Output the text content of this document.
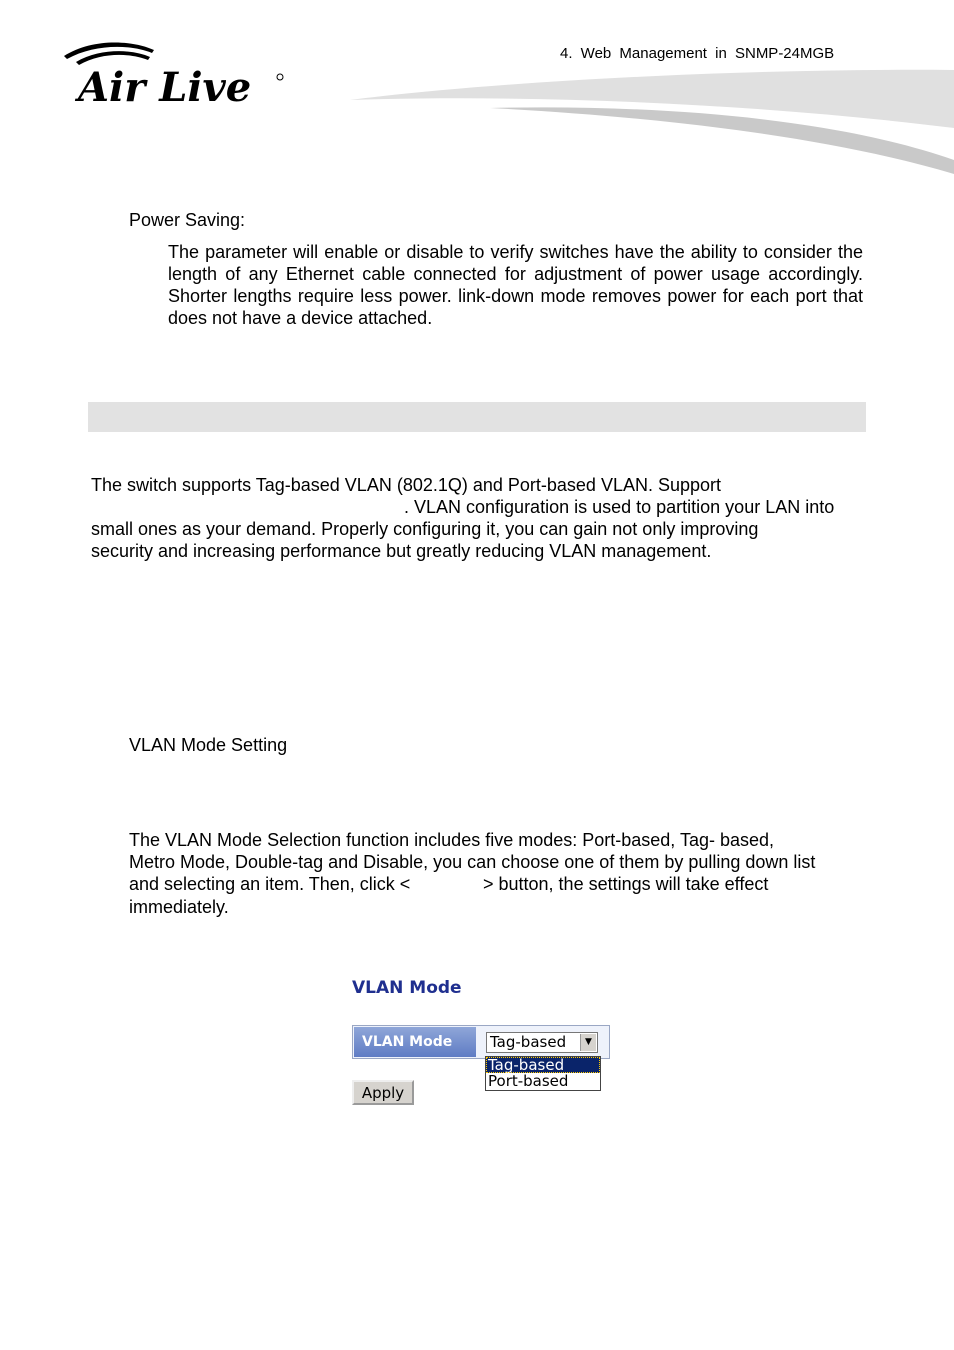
Air Live
4. Web Management in SNMP-24MGB
Power Saving:
The parameter will enable or disable to verify switches have the ability to consider the length of any Ethernet cable connected for adjustment of power usage accordingly. Shorter lengths require less power. link-down mode removes power for each port that does not have a device attached.
The switch supports Tag-based VLAN (802.1Q) and Port-based VLAN. Support
. VLAN configuration is used to partition your LAN into
small ones as your demand. Properly configuring it, you can gain not only improving
security and increasing performance but greatly reducing VLAN management.
VLAN Mode Setting
The VLAN Mode Selection function includes five modes: Port-based, Tag- based,
Metro Mode, Double-tag and Disable, you can choose one of them by pulling down list
and selecting an item. Then, click <	> button, the settings will take effect
immediately.
VLAN Mode
VLAN Mode	Tag-based	▼
Tag-based
Port-based
Apply
